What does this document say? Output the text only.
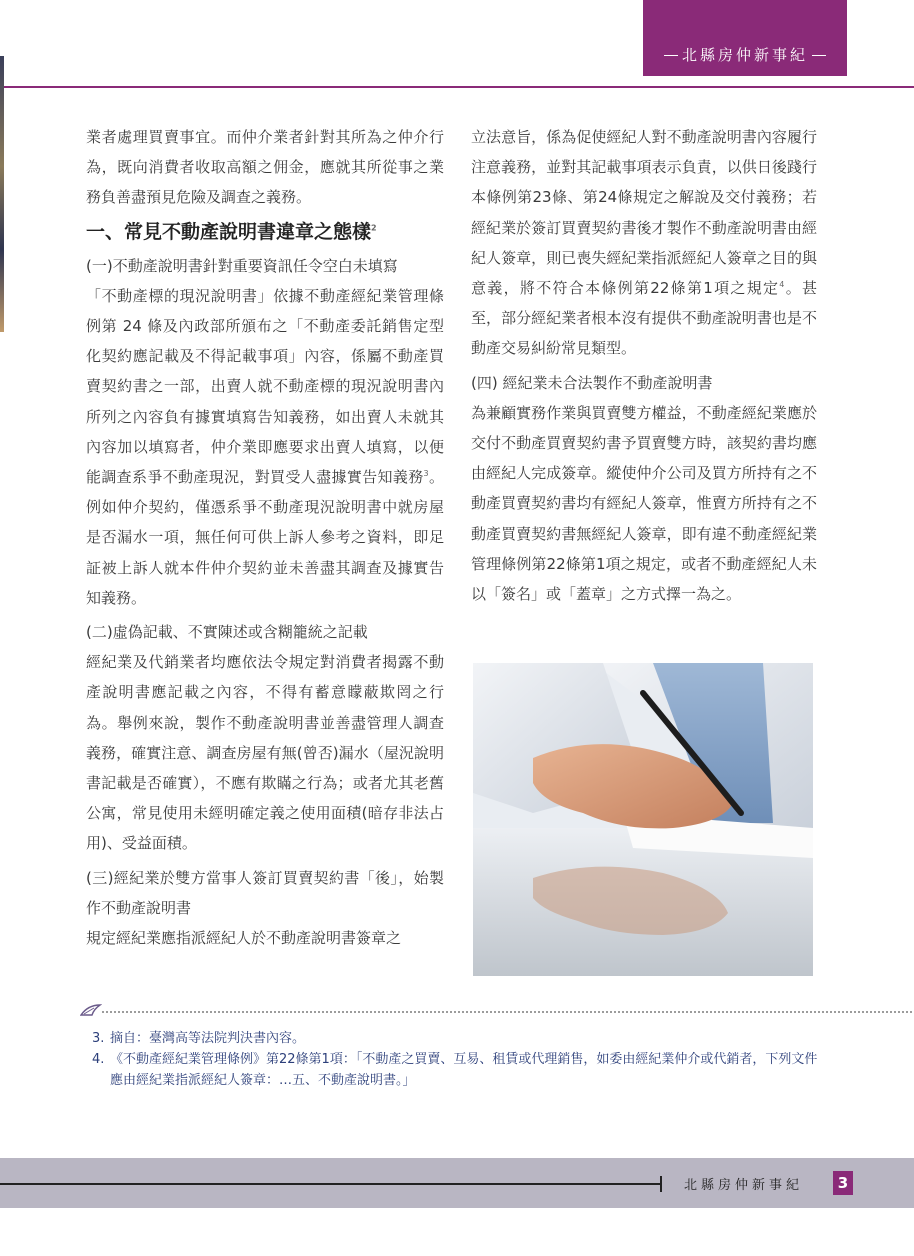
北縣房仲新事紀

業者處理買賣事宜。而仲介業者針對其所為之仲介行為，既向消費者收取高額之佣金，應就其所從事之業務負善盡預見危險及調查之義務。

一、常見不動產說明書違章之態樣$^2$

(一)不動產說明書針對重要資訊任令空白未填寫

「不動產標的現況說明書」依據不動產經紀業管理條例第 24 條及內政部所頒布之「不動產委託銷售定型化契約應記載及不得記載事項」內容，係屬不動產買賣契約書之一部，出賣人就不動產標的現況說明書內所列之內容負有據實填寫告知義務，如出賣人未就其內容加以填寫者，仲介業即應要求出賣人填寫，以便能調查系爭不動產現況，對買受人盡據實告知義務$^3$。例如仲介契約，僅憑系爭不動產現況說明書中就房屋是否漏水一項，無任何可供上訴人參考之資料，即足証被上訴人就本件仲介契約並未善盡其調查及據實告知義務。

(二)虛偽記載、不實陳述或含糊籠統之記載

經紀業及代銷業者均應依法令規定對消費者揭露不動產說明書應記載之內容，不得有蓄意矇蔽欺罔之行為。舉例來說，製作不動產說明書並善盡管理人調查義務，確實注意、調查房屋有無(曾否)漏水（屋況說明書記載是否確實），不應有欺瞞之行為；或者尤其老舊公寓，常見使用未經明確定義之使用面積(暗存非法占用)、受益面積。

(三)經紀業於雙方當事人簽訂買賣契約書「後」，始製作不動產說明書

規定經紀業應指派經紀人於不動產說明書簽章之

立法意旨，係為促使經紀人對不動產說明書內容履行注意義務，並對其記載事項表示負責，以供日後踐行本條例第23條、第24條規定之解說及交付義務；若經紀業於簽訂買賣契約書後才製作不動產說明書由經紀人簽章，則已喪失經紀業指派經紀人簽章之目的與意義，將不符合本條例第22條第1項之規定$^4$。甚至，部分經紀業者根本沒有提供不動產說明書也是不動產交易糾紛常見類型。

(四) 經紀業未合法製作不動產說明書

為兼顧實務作業與買賣雙方權益，不動產經紀業應於交付不動產買賣契約書予買賣雙方時，該契約書均應由經紀人完成簽章。縱使仲介公司及買方所持有之不動產買賣契約書均有經紀人簽章，惟賣方所持有之不動產買賣契約書無經紀人簽章，即有違不動產經紀業管理條例第22條第1項之規定，或者不動產經紀人未以「簽名」或「蓋章」之方式擇一為之。

3. 摘自：臺灣高等法院判決書內容。
4. 《不動產經紀業管理條例》第22條第1項：「不動產之買賣、互易、租賃或代理銷售，如委由經紀業仲介或代銷者，下列文件應由經紀業指派經紀人簽章：…五、不動產說明書。」
北縣房仲新事紀	3
